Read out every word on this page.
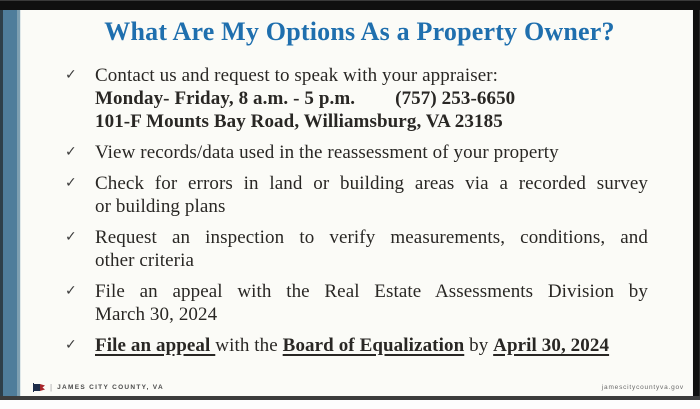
What Are My Options As a Property Owner?
✓ Contact us and request to speak with your appraiser:
Monday- Friday, 8 a.m. - 5 p.m. (757) 253-6650
101-F Mounts Bay Road, Williamsburg, VA 23185
✓ View records/data used in the reassessment of your property
✓ Check for errors in land or building areas via a recorded survey
or building plans
✓ Request an inspection to verify measurements, conditions, and
other criteria
✓ File an appeal with the Real Estate Assessments Division by
March 30, 2024
✓ File an appeal with the Board of Equalization by April 30, 2024
| JAMES CITY COUNTY, VA	jamescitycountyva.gov
